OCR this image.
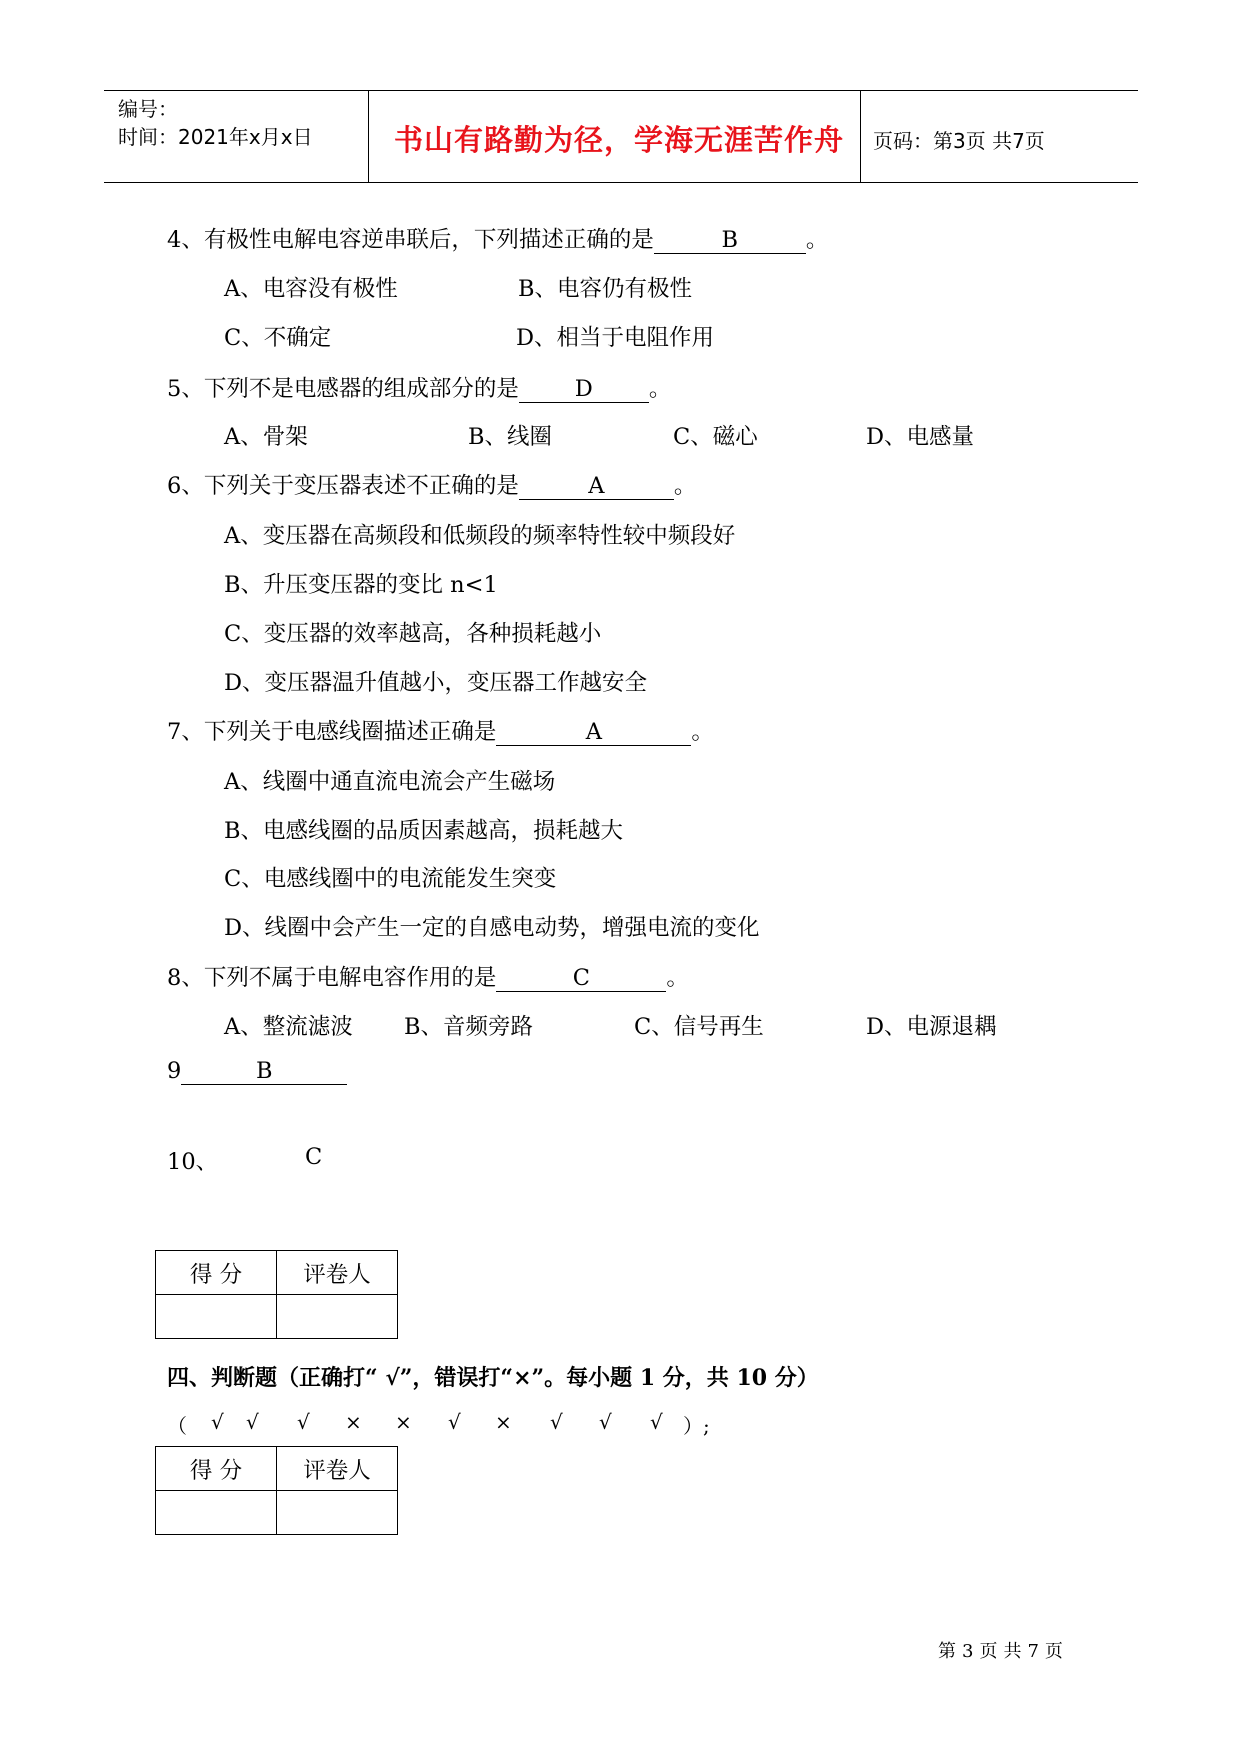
编号：
时间：2021年x月x日	书山有路勤为径，学海无涯苦作舟 页码：第3页 共7页
4、有极性电解电容逆串联后，下列描述正确的是	B	。
A、电容没有极性	B、电容仍有极性
C、不确定	D、相当于电阻作用
5、下列不是电感器的组成部分的是 D 。
A、骨架	B、线圈	C、磁心	D、电感量
6、下列关于变压器表述不正确的是	A	。
A、变压器在高频段和低频段的频率特性较中频段好
B、升压变压器的变比 n<1
C、变压器的效率越高，各种损耗越小
D、变压器温升值越小，变压器工作越安全
7、下列关于电感线圈描述正确是	A	。
A、线圈中通直流电流会产生磁场
B、电感线圈的品质因素越高，损耗越大
C、电感线圈中的电流能发生突变
D、线圈中会产生一定的自感电动势，增强电流的变化
8、下列不属于电解电容作用的是	C	。
A、整流滤波 B、音频旁路	C、信号再生	D、电源退耦
9	B
10、	C
得 分	评卷人

四、判断题（正确打“ √”，错误打“×”。每小题 1 分，共 10 分）
（ √ √ √ × × √ × √ √ √ ）;
得 分	评卷人

第 3 页 共 7 页
